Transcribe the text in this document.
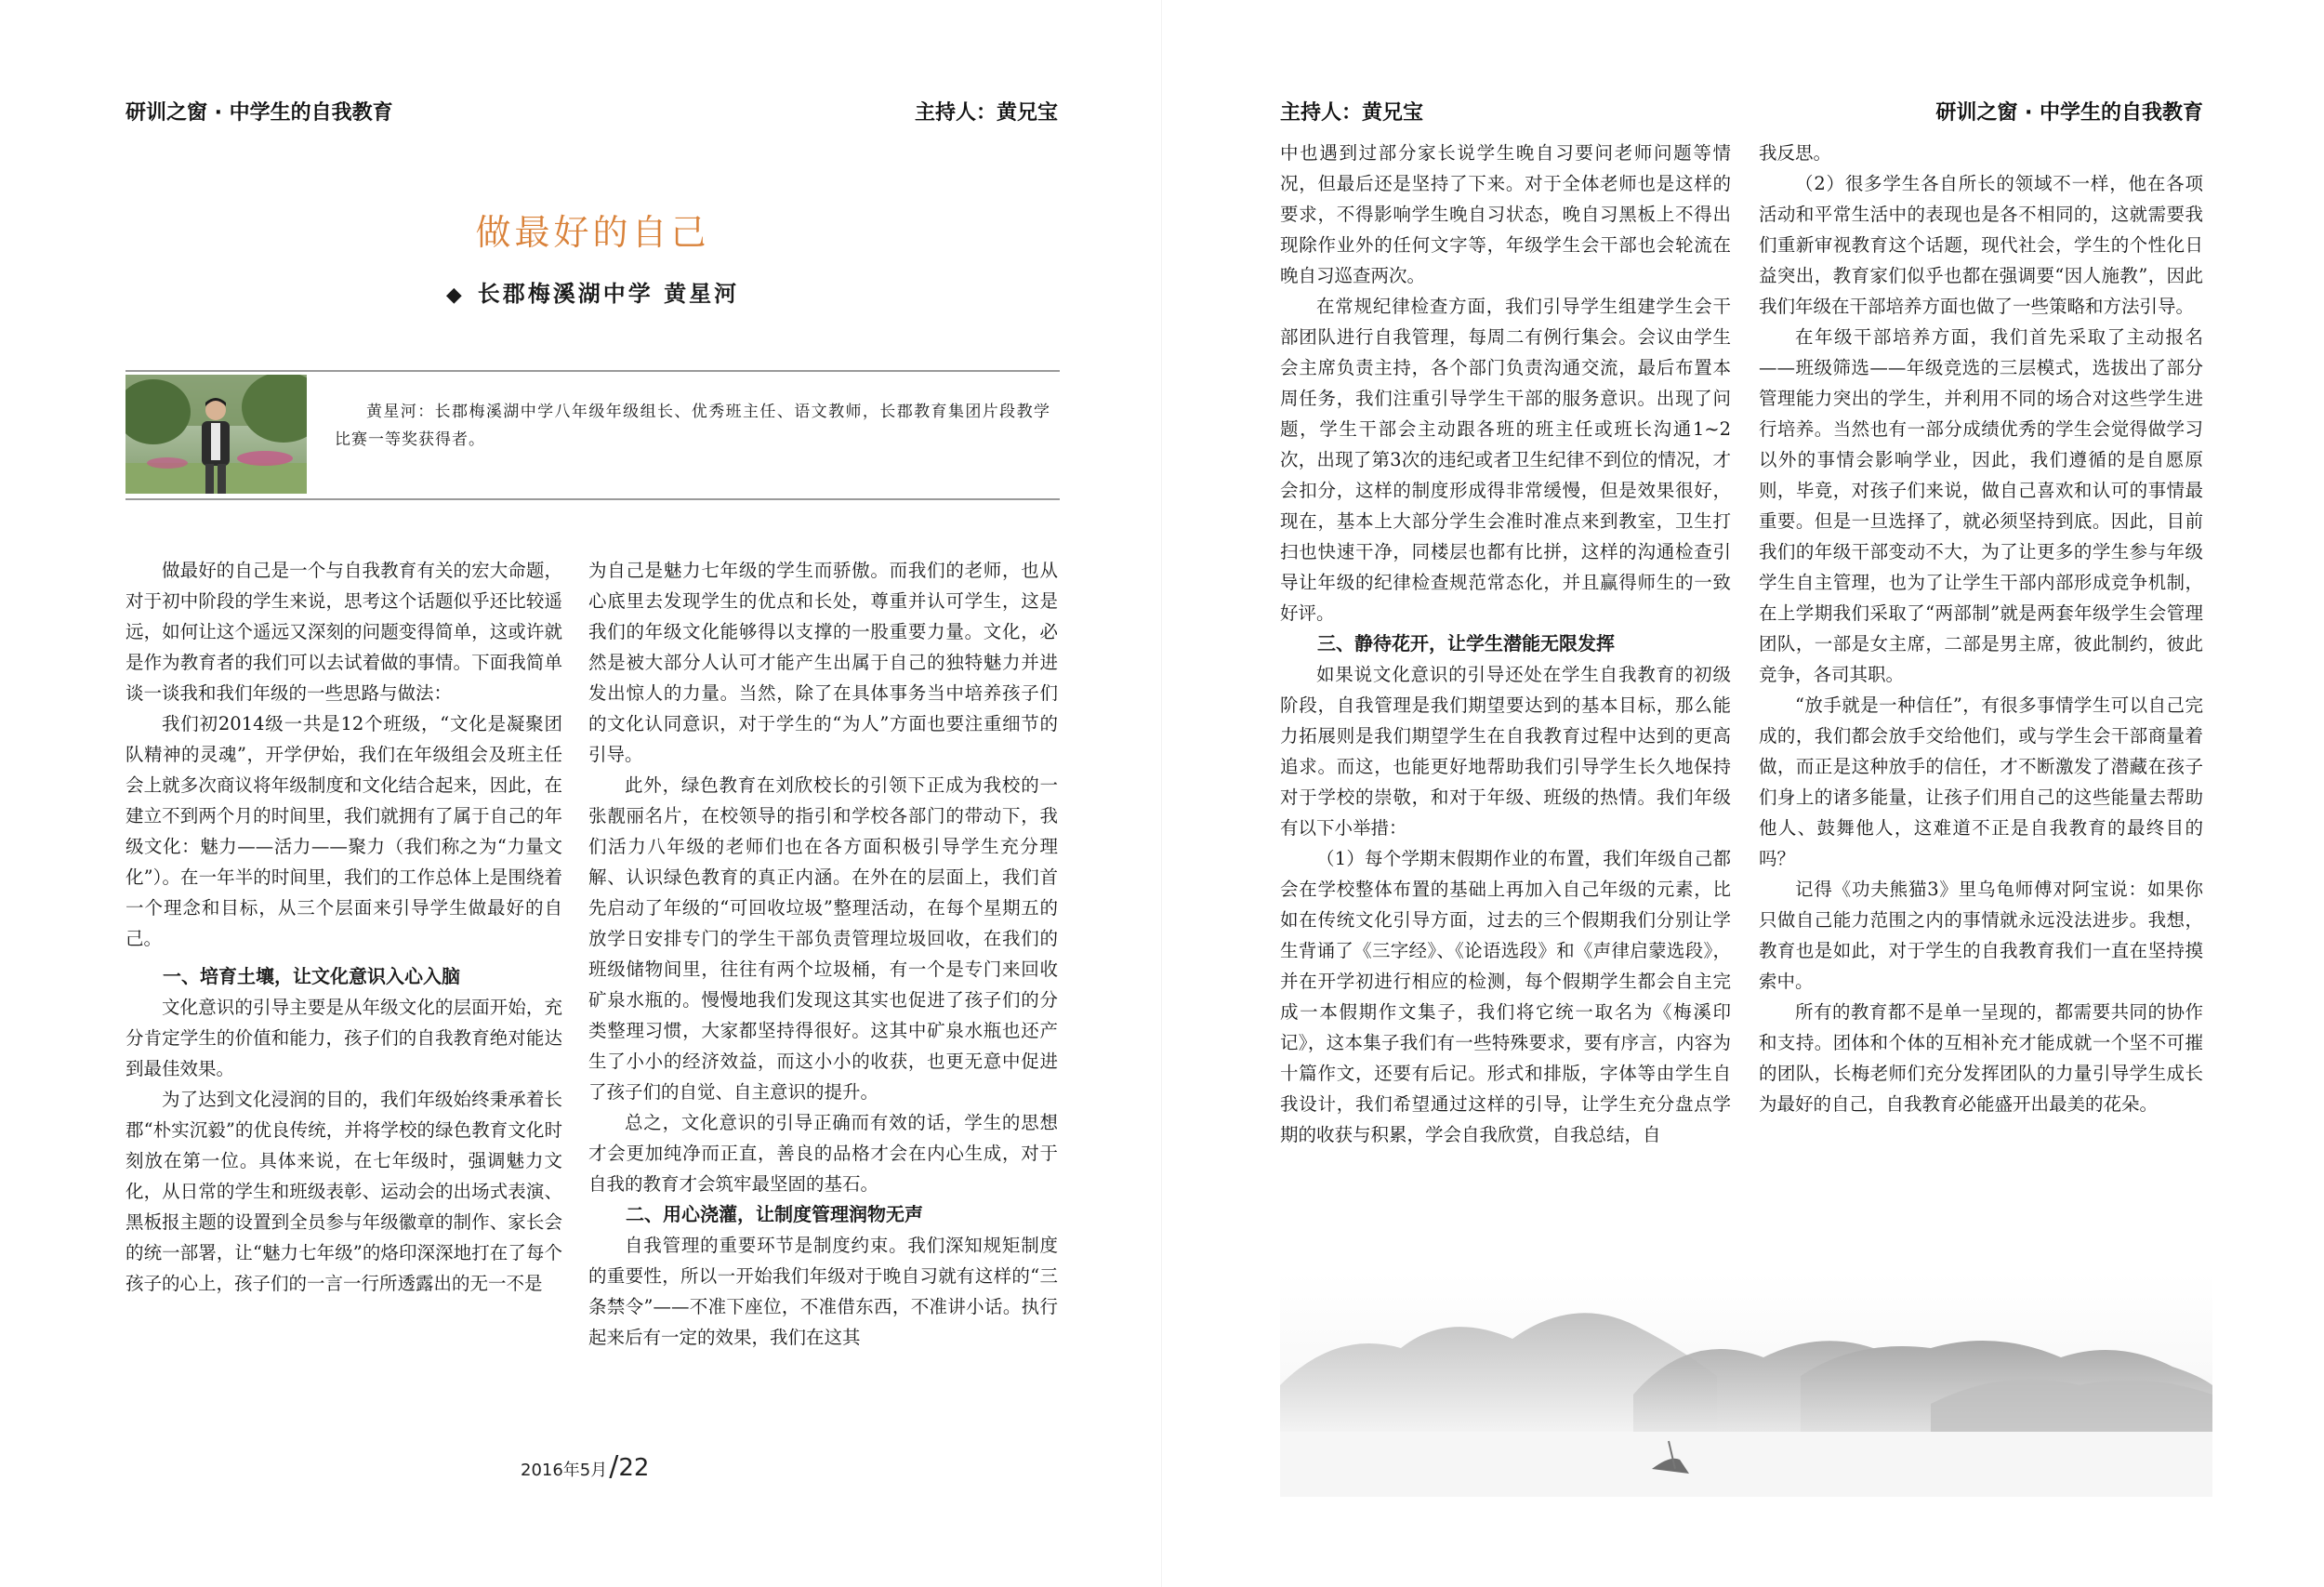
研训之窗 · 中学生的自我教育	主持人：黄兄宝
做最好的自己
◆ 长郡梅溪湖中学 黄星河
黄星河：长郡梅溪湖中学八年级年级组长、优秀班主任、语文教师，长郡教育集团片段教学比赛一等奖获得者。

做最好的自己是一个与自我教育有关的宏大命题，对于初中阶段的学生来说，思考这个话题似乎还比较遥远，如何让这个遥远又深刻的问题变得简单，这或许就是作为教育者的我们可以去试着做的事情。下面我简单谈一谈我和我们年级的一些思路与做法：

我们初2014级一共是12个班级，“文化是凝聚团队精神的灵魂”，开学伊始，我们在年级组会及班主任会上就多次商议将年级制度和文化结合起来，因此，在建立不到两个月的时间里，我们就拥有了属于自己的年级文化：魅力——活力——聚力（我们称之为“力量文化”）。在一年半的时间里，我们的工作总体上是围绕着一个理念和目标，从三个层面来引导学生做最好的自己。

一、培育土壤，让文化意识入心入脑

文化意识的引导主要是从年级文化的层面开始，充分肯定学生的价值和能力，孩子们的自我教育绝对能达到最佳效果。

为了达到文化浸润的目的，我们年级始终秉承着长郡“朴实沉毅”的优良传统，并将学校的绿色教育文化时刻放在第一位。具体来说，在七年级时，强调魅力文化，从日常的学生和班级表彰、运动会的出场式表演、黑板报主题的设置到全员参与年级徽章的制作、家长会的统一部署，让“魅力七年级”的烙印深深地打在了每个孩子的心上，孩子们的一言一行所透露出的无一不是

为自己是魅力七年级的学生而骄傲。而我们的老师，也从心底里去发现学生的优点和长处，尊重并认可学生，这是我们的年级文化能够得以支撑的一股重要力量。文化，必然是被大部分人认可才能产生出属于自己的独特魅力并进发出惊人的力量。当然，除了在具体事务当中培养孩子们的文化认同意识，对于学生的“为人”方面也要注重细节的引导。

此外，绿色教育在刘欣校长的引领下正成为我校的一张靓丽名片，在校领导的指引和学校各部门的带动下，我们活力八年级的老师们也在各方面积极引导学生充分理解、认识绿色教育的真正内涵。在外在的层面上，我们首先启动了年级的“可回收垃圾”整理活动，在每个星期五的放学日安排专门的学生干部负责管理垃圾回收，在我们的班级储物间里，往往有两个垃圾桶，有一个是专门来回收矿泉水瓶的。慢慢地我们发现这其实也促进了孩子们的分类整理习惯，大家都坚持得很好。这其中矿泉水瓶也还产生了小小的经济效益，而这小小的收获，也更无意中促进了孩子们的自觉、自主意识的提升。

总之，文化意识的引导正确而有效的话，学生的思想才会更加纯净而正直，善良的品格才会在内心生成，对于自我的教育才会筑牢最坚固的基石。

二、用心浇灌，让制度管理润物无声

自我管理的重要环节是制度约束。我们深知规矩制度的重要性，所以一开始我们年级对于晚自习就有这样的“三条禁令”——不准下座位，不准借东西，不准讲小话。执行起来后有一定的效果，我们在这其

2016年5月/22
主持人：黄兄宝	研训之窗 · 中学生的自我教育

中也遇到过部分家长说学生晚自习要问老师问题等情况，但最后还是坚持了下来。对于全体老师也是这样的要求，不得影响学生晚自习状态，晚自习黑板上不得出现除作业外的任何文字等，年级学生会干部也会轮流在晚自习巡查两次。

在常规纪律检查方面，我们引导学生组建学生会干部团队进行自我管理，每周二有例行集会。会议由学生会主席负责主持，各个部门负责沟通交流，最后布置本周任务，我们注重引导学生干部的服务意识。出现了问题，学生干部会主动跟各班的班主任或班长沟通1~2次，出现了第3次的违纪或者卫生纪律不到位的情况，才会扣分，这样的制度形成得非常缓慢，但是效果很好，现在，基本上大部分学生会准时准点来到教室，卫生打扫也快速干净，同楼层也都有比拼，这样的沟通检查引导让年级的纪律检查规范常态化，并且赢得师生的一致好评。

三、静待花开，让学生潜能无限发挥

如果说文化意识的引导还处在学生自我教育的初级阶段，自我管理是我们期望要达到的基本目标，那么能力拓展则是我们期望学生在自我教育过程中达到的更高追求。而这，也能更好地帮助我们引导学生长久地保持对于学校的崇敬，和对于年级、班级的热情。我们年级有以下小举措：

（1）每个学期末假期作业的布置，我们年级自己都会在学校整体布置的基础上再加入自己年级的元素，比如在传统文化引导方面，过去的三个假期我们分别让学生背诵了《三字经》、《论语选段》和《声律启蒙选段》，并在开学初进行相应的检测，每个假期学生都会自主完成一本假期作文集子，我们将它统一取名为《梅溪印记》，这本集子我们有一些特殊要求，要有序言，内容为十篇作文，还要有后记。形式和排版，字体等由学生自我设计，我们希望通过这样的引导，让学生充分盘点学期的收获与积累，学会自我欣赏，自我总结，自

我反思。

（2）很多学生各自所长的领域不一样，他在各项活动和平常生活中的表现也是各不相同的，这就需要我们重新审视教育这个话题，现代社会，学生的个性化日益突出，教育家们似乎也都在强调要“因人施教”，因此我们年级在干部培养方面也做了一些策略和方法引导。

在年级干部培养方面，我们首先采取了主动报名——班级筛选——年级竞选的三层模式，选拔出了部分管理能力突出的学生，并利用不同的场合对这些学生进行培养。当然也有一部分成绩优秀的学生会觉得做学习以外的事情会影响学业，因此，我们遵循的是自愿原则，毕竟，对孩子们来说，做自己喜欢和认可的事情最重要。但是一旦选择了，就必须坚持到底。因此，目前我们的年级干部变动不大，为了让更多的学生参与年级学生自主管理，也为了让学生干部内部形成竞争机制，在上学期我们采取了“两部制”就是两套年级学生会管理团队，一部是女主席，二部是男主席，彼此制约，彼此竞争，各司其职。

“放手就是一种信任”，有很多事情学生可以自己完成的，我们都会放手交给他们，或与学生会干部商量着做，而正是这种放手的信任，才不断激发了潜藏在孩子们身上的诸多能量，让孩子们用自己的这些能量去帮助他人、鼓舞他人，这难道不正是自我教育的最终目的吗？

记得《功夫熊猫3》里乌龟师傅对阿宝说：如果你只做自己能力范围之内的事情就永远没法进步。我想，教育也是如此，对于学生的自我教育我们一直在坚持摸索中。

所有的教育都不是单一呈现的，都需要共同的协作和支持。团体和个体的互相补充才能成就一个坚不可摧的团队，长梅老师们充分发挥团队的力量引导学生成长为最好的自己，自我教育必能盛开出最美的花朵。
